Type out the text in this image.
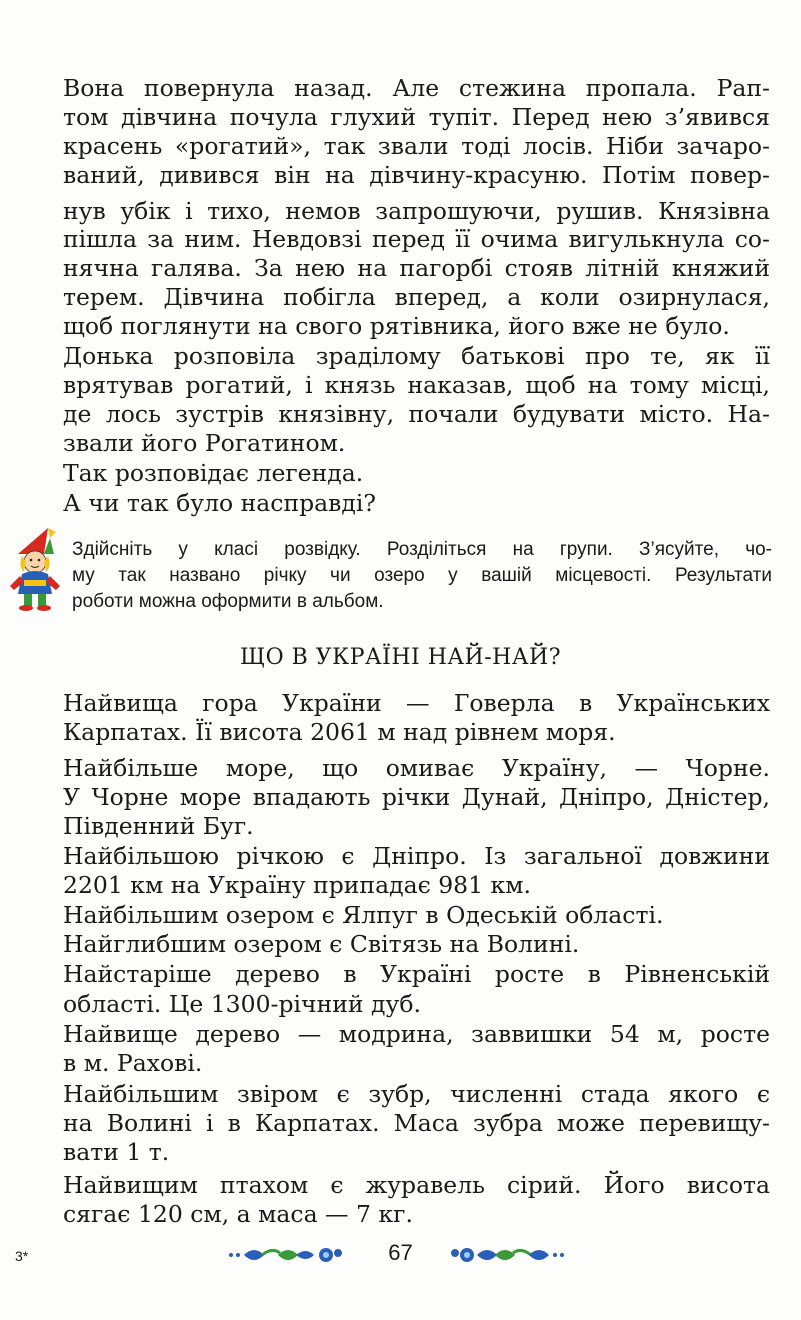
Вона повернула назад. Але стежина пропала. Рап-
том дівчина почула глухий тупіт. Перед нею з’явився
красень «рогатий», так звали тоді лосів. Ніби зачаро-
ваний, дивився він на дівчину-красуню. Потім повер-
нув убік і тихо, немов запрошуючи, рушив. Князівна
пішла за ним. Невдовзі перед її очима вигулькнула со-
нячна галява. За нею на пагорбі стояв літній княжий
терем. Дівчина побігла вперед, а коли озирнулася,
щоб поглянути на свого рятівника, його вже не було.
Донька розповіла зрадiлому батькові про те, як її
врятував рогатий, і князь наказав, щоб на тому місці,
де лось зустрів князівну, почали будувати місто. На-
звали його Рогатином.
Так розповідає легенда.
А чи так було насправді?
Здійсніть у класі розвідку. Розділіться на групи. З’ясуйте, чо-
му так названо річку чи озеро у вашій місцевості. Результати
роботи можна оформити в альбом.
ЩО В УКРАЇНІ НАЙ-НАЙ?
Найвища гора України — Говерла в Українських
Карпатах. Її висота 2061 м над рівнем моря.
Найбільше море, що омиває Україну, — Чорне.
У Чорне море впадають річки Дунай, Дніпро, Дністер,
Південний Буг.
Найбільшою річкою є Дніпро. Із загальної довжини
2201 км на Україну припадає 981 км.
Найбільшим озером є Ялпуг в Одеській області.
Найглибшим озером є Світязь на Волині.
Найстаріше дерево в Україні росте в Рівненській
області. Це 1300-річний дуб.
Найвище дерево — модрина, заввишки 54 м, росте
в м. Рахові.
Найбільшим звіром є зубр, численні стада якого є
на Волині і в Карпатах. Маса зубра може перевищу-
вати 1 т.
Найвищим птахом є журавель сірий. Його висота
сягає 120 см, а маса — 7 кг.
3*	67
